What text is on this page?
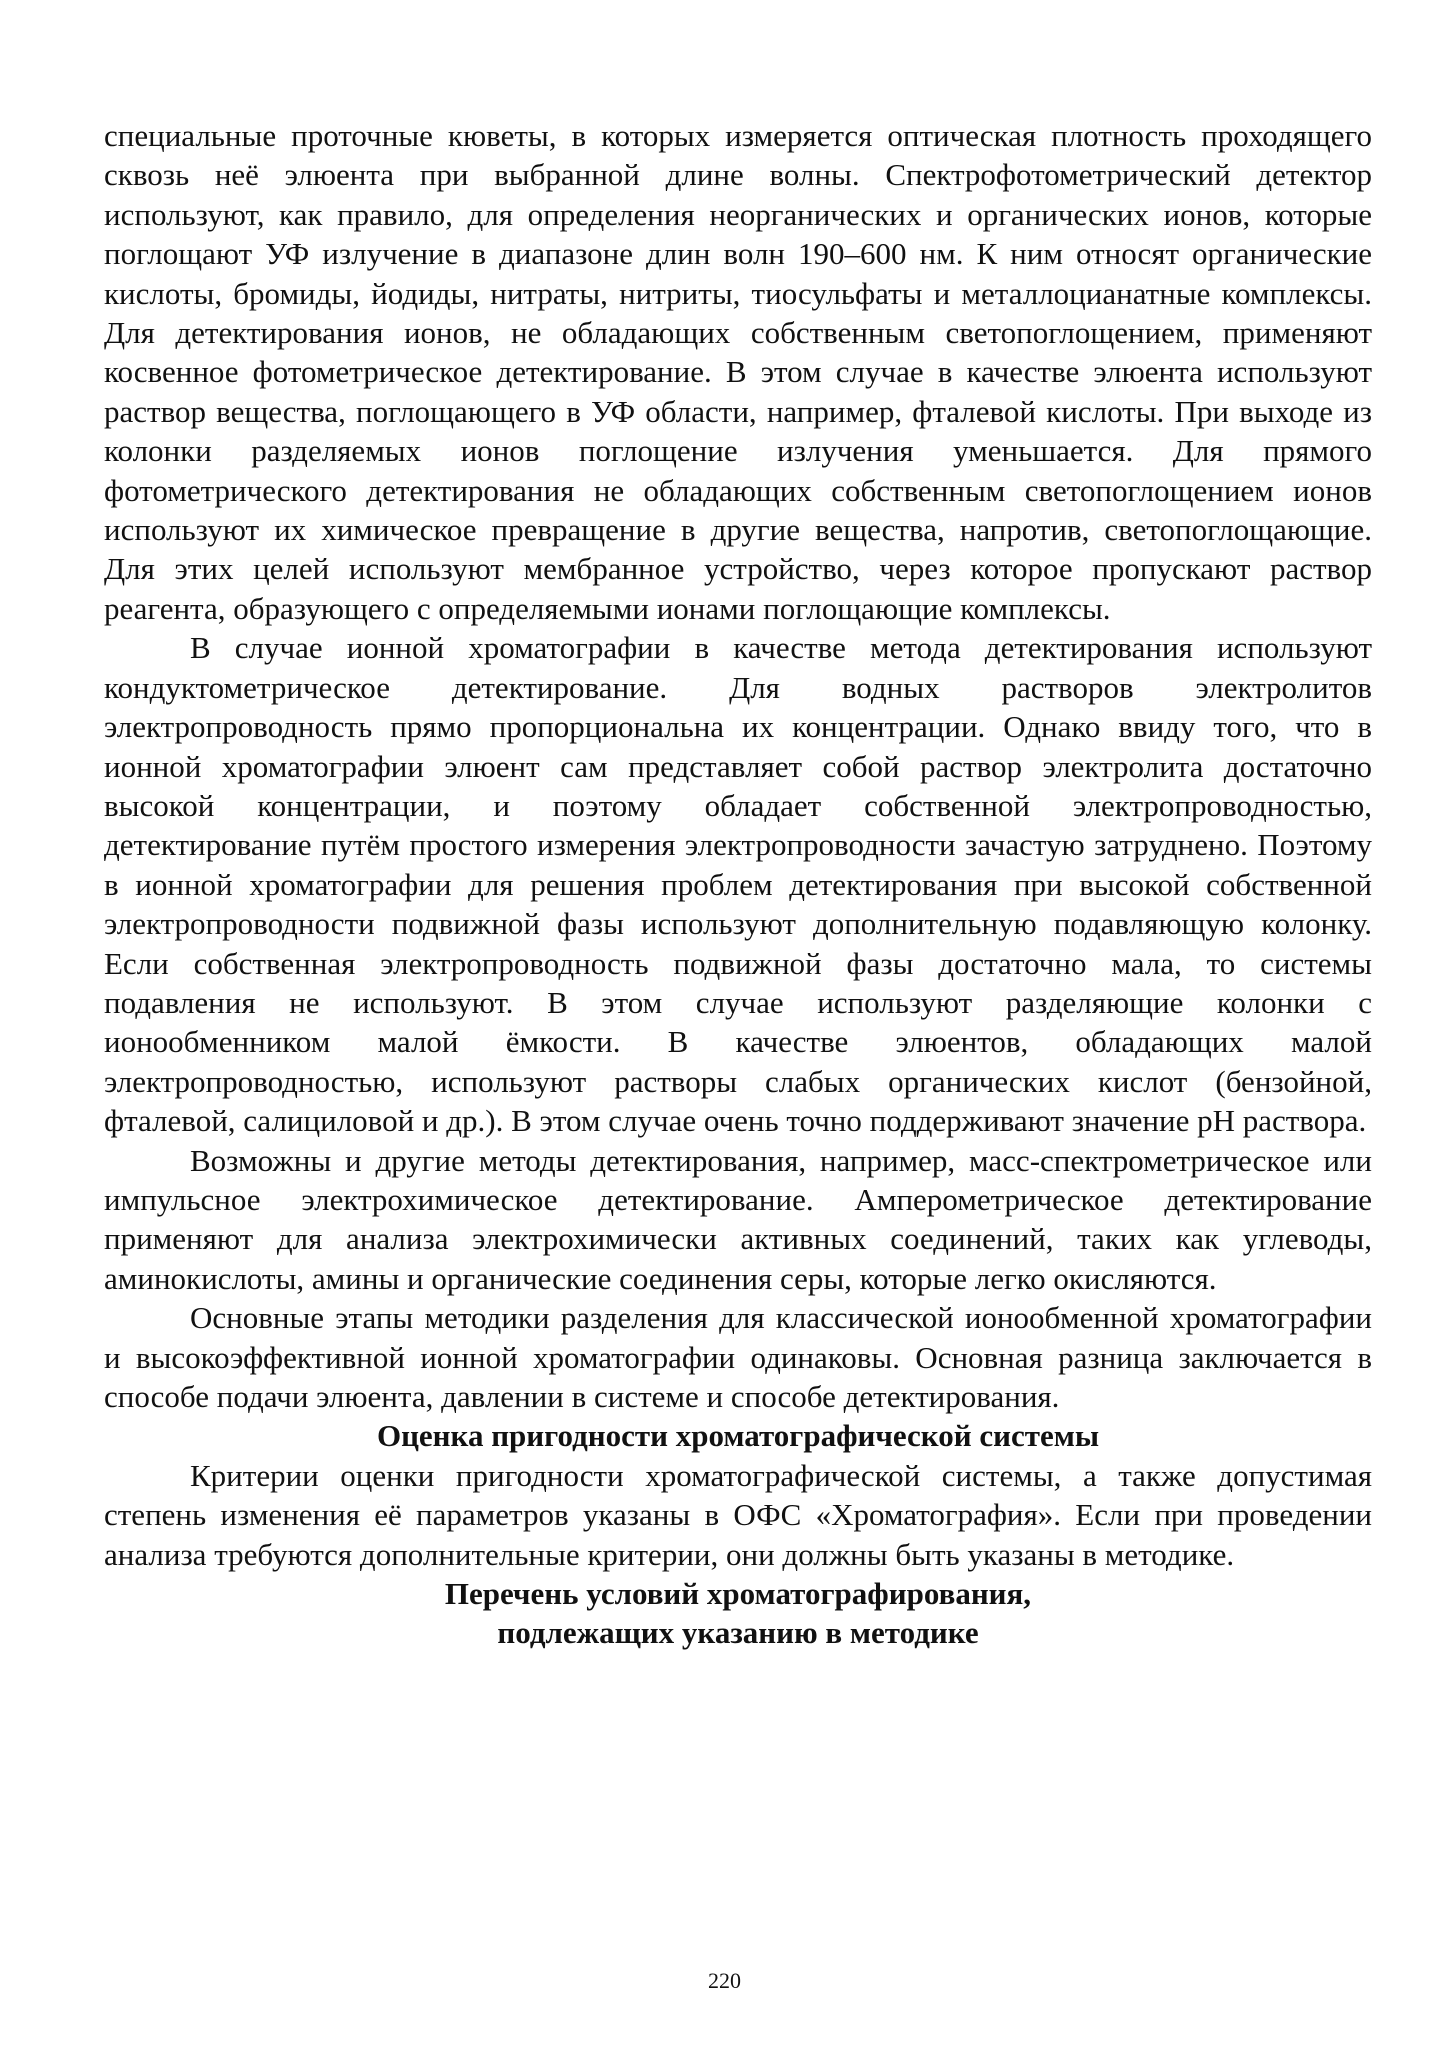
специальные проточные кюветы, в которых измеряется оптическая плотность проходящего сквозь неё элюента при выбранной длине волны. Спектрофотометрический детектор используют, как правило, для определения неорганических и органических ионов, которые поглощают УФ излучение в диапазоне длин волн 190–600 нм. К ним относят органические кислоты, бромиды, йодиды, нитраты, нитриты, тиосульфаты и металлоцианатные комплексы. Для детектирования ионов, не обладающих собственным светопоглощением, применяют косвенное фотометрическое детектирование. В этом случае в качестве элюента используют раствор вещества, поглощающего в УФ области, например, фталевой кислоты. При выходе из колонки разделяемых ионов поглощение излучения уменьшается. Для прямого фотометрического детектирования не обладающих собственным светопоглощением ионов используют их химическое превращение в другие вещества, напротив, светопоглощающие. Для этих целей используют мембранное устройство, через которое пропускают раствор реагента, образующего с определяемыми ионами поглощающие комплексы.

В случае ионной хроматографии в качестве метода детектирования используют кондуктометрическое детектирование. Для водных растворов электролитов электропроводность прямо пропорциональна их концентрации. Однако ввиду того, что в ионной хроматографии элюент сам представляет собой раствор электролита достаточно высокой концентрации, и поэтому обладает собственной электропроводностью, детектирование путём простого измерения электропроводности зачастую затруднено. Поэтому в ионной хроматографии для решения проблем детектирования при высокой собственной электропроводности подвижной фазы используют дополнительную подавляющую колонку. Если собственная электропроводность подвижной фазы достаточно мала, то системы подавления не используют. В этом случае используют разделяющие колонки с ионообменником малой ёмкости. В качестве элюентов, обладающих малой электропроводностью, используют растворы слабых органических кислот (бензойной, фталевой, салициловой и др.). В этом случае очень точно поддерживают значение pH раствора.

Возможны и другие методы детектирования, например, масс-спектрометрическое или импульсное электрохимическое детектирование. Амперометрическое детектирование применяют для анализа электрохимически активных соединений, таких как углеводы, аминокислоты, амины и органические соединения серы, которые легко окисляются.

Основные этапы методики разделения для классической ионообменной хроматографии и высокоэффективной ионной хроматографии одинаковы. Основная разница заключается в способе подачи элюента, давлении в системе и способе детектирования.

Оценка пригодности хроматографической системы

Критерии оценки пригодности хроматографической системы, а также допустимая степень изменения её параметров указаны в ОФС «Хроматография». Если при проведении анализа требуются дополнительные критерии, они должны быть указаны в методике.

Перечень условий хроматографирования,
подлежащих указанию в методике
220
